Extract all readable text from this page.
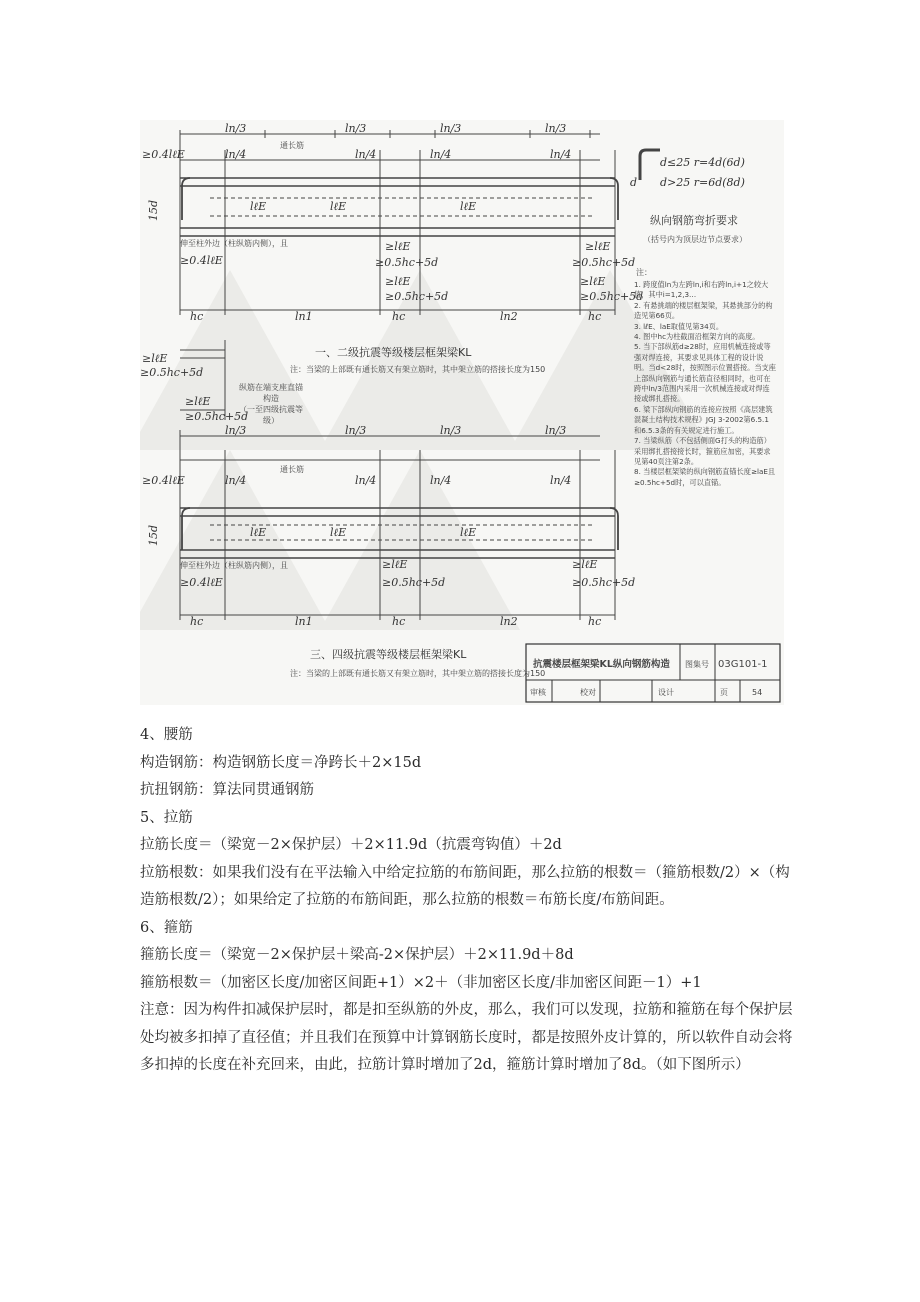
ln/3	ln/3	ln/3	ln/3
ln/4	ln/4	ln/4	ln/4
≥0.4lℓE
通长筋
15d	lℓE	lℓE	lℓE
伸至柱外边（柱纵筋内侧），且
≥0.4lℓE
≥lℓE
≥0.5hc+5d
≥lℓE
≥0.5hc+5d
≥lℓE
≥0.5hc+5d
≥lℓE
≥0.5hc+5d
hc	ln1	hc	ln2	hc
一、二级抗震等级楼层框架梁KL
注：当梁的上部既有通长筋又有架立筋时，其中架立筋的搭接长度为150
d≤25 r=4d(6d)
d>25 r=6d(8d)
d
纵向钢筋弯折要求
（括号内为顶层边节点要求）
注：
1. 跨度值ln为左跨ln,i和右跨ln,i+1之较大值，其中i=1,2,3…
2. 有悬挑端的楼层框架梁，其悬挑部分的构造见第66页。
3. lℓE、laE取值见第34页。
4. 图中hc为柱截面沿框架方向的高度。
5. 当下部纵筋d≥28时，应用机械连接或等强对焊连接，其要求见具体工程的设计说明。当d<28时，按照图示位置搭接。当支座上部纵向钢筋与通长筋直径相同时，也可在跨中ln/3范围内采用一次机械连接或对焊连接或绑扎搭接。
6. 梁下部纵向钢筋的连接应按照《高层建筑混凝土结构技术规程》JGJ 3-2002第6.5.1和6.5.3条的有关规定进行施工。
7. 当梁纵筋（不包括侧面G打头的构造筋）采用绑扎搭接接长时，箍筋应加密，其要求见第40页注第2条。
8. 当楼层框架梁的纵向钢筋直锚长度≥laE且≥0.5hc+5d时，可以直锚。
≥lℓE
≥0.5hc+5d
≥lℓE
≥0.5hc+5d
纵筋在端支座直锚构造
（一至四级抗震等级）
ln/3	ln/3	ln/3	ln/3
ln/4	ln/4	ln/4	ln/4
≥0.4lℓE
通长筋
15d	lℓE	lℓE	lℓE
伸至柱外边（柱纵筋内侧），且
≥0.4lℓE
≥lℓE
≥0.5hc+5d
≥lℓE
≥0.5hc+5d
hc	ln1	hc	ln2	hc
三、四级抗震等级楼层框架梁KL
注：当梁的上部既有通长筋又有架立筋时，其中架立筋的搭接长度为150
抗震楼层框架梁KL纵向钢筋构造 图集号 03G101-1
审核	校对	设计	页	54

4、腰筋

构造钢筋：构造钢筋长度＝净跨长＋2×15d

抗扭钢筋：算法同贯通钢筋

5、拉筋

拉筋长度＝（梁宽－2×保护层）＋2×11.9d（抗震弯钩值）＋2d

拉筋根数：如果我们没有在平法输入中给定拉筋的布筋间距，那么拉筋的根数＝（箍筋根数/2）×（构造筋根数/2）；如果给定了拉筋的布筋间距，那么拉筋的根数＝布筋长度/布筋间距。

6、箍筋

箍筋长度＝（梁宽－2×保护层＋梁高-2×保护层）＋2×11.9d＋8d

箍筋根数＝（加密区长度/加密区间距+1）×2＋（非加密区长度/非加密区间距－1）+1

注意：因为构件扣减保护层时，都是扣至纵筋的外皮，那么，我们可以发现，拉筋和箍筋在每个保护层处均被多扣掉了直径值；并且我们在预算中计算钢筋长度时，都是按照外皮计算的，所以软件自动会将多扣掉的长度在补充回来，由此，拉筋计算时增加了2d，箍筋计算时增加了8d。（如下图所示）
